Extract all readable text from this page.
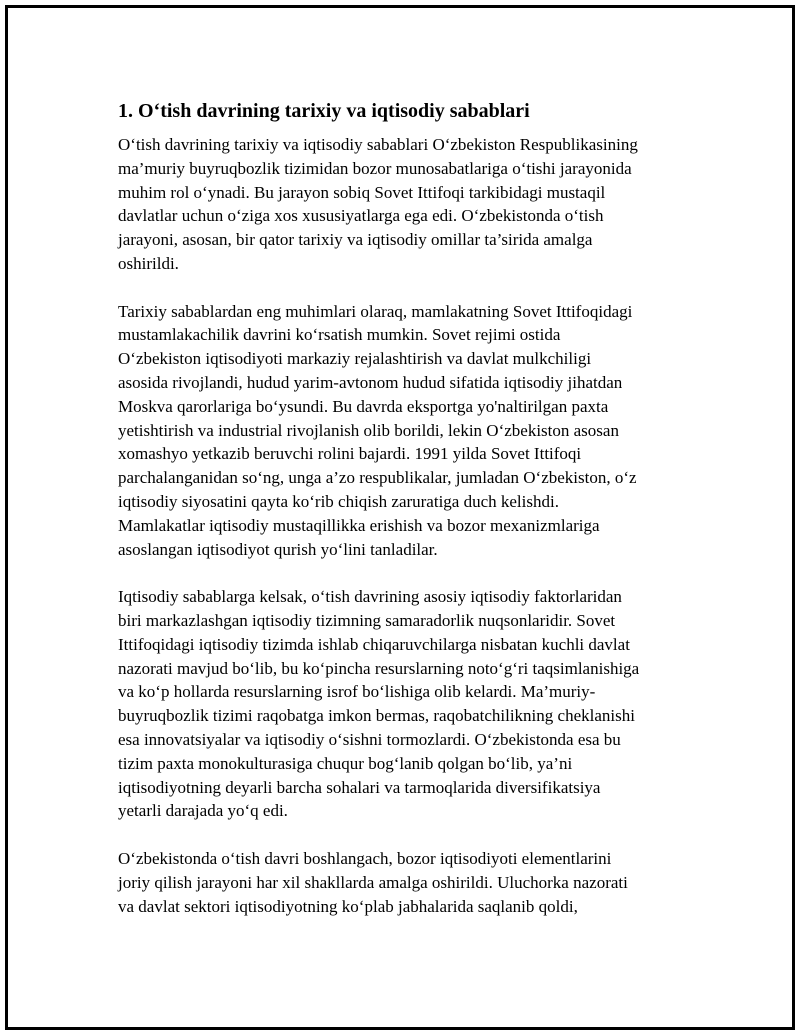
1. O‘tish davrining tarixiy va iqtisodiy sabablari
O‘tish davrining tarixiy va iqtisodiy sabablari O‘zbekiston Respublikasining
ma’muriy buyruqbozlik tizimidan bozor munosabatlariga o‘tishi jarayonida
muhim rol o‘ynadi. Bu jarayon sobiq Sovet Ittifoqi tarkibidagi mustaqil
davlatlar uchun o‘ziga xos xususiyatlarga ega edi. O‘zbekistonda o‘tish
jarayoni, asosan, bir qator tarixiy va iqtisodiy omillar ta’sirida amalga
oshirildi.
Tarixiy sabablardan eng muhimlari olaraq, mamlakatning Sovet Ittifoqidagi
mustamlakachilik davrini ko‘rsatish mumkin. Sovet rejimi ostida
O‘zbekiston iqtisodiyoti markaziy rejalashtirish va davlat mulkchiligi
asosida rivojlandi, hudud yarim-avtonom hudud sifatida iqtisodiy jihatdan
Moskva qarorlariga bo‘ysundi. Bu davrda eksportga yo'naltirilgan paxta
yetishtirish va industrial rivojlanish olib borildi, lekin O‘zbekiston asosan
xomashyo yetkazib beruvchi rolini bajardi. 1991 yilda Sovet Ittifoqi
parchalanganidan so‘ng, unga a’zo respublikalar, jumladan O‘zbekiston, o‘z
iqtisodiy siyosatini qayta ko‘rib chiqish zaruratiga duch kelishdi.
Mamlakatlar iqtisodiy mustaqillikka erishish va bozor mexanizmlariga
asoslangan iqtisodiyot qurish yo‘lini tanladilar.
Iqtisodiy sabablarga kelsak, o‘tish davrining asosiy iqtisodiy faktorlaridan
biri markazlashgan iqtisodiy tizimning samaradorlik nuqsonlaridir. Sovet
Ittifoqidagi iqtisodiy tizimda ishlab chiqaruvchilarga nisbatan kuchli davlat
nazorati mavjud bo‘lib, bu ko‘pincha resurslarning noto‘g‘ri taqsimlanishiga
va ko‘p hollarda resurslarning isrof bo‘lishiga olib kelardi. Ma’muriy-
buyruqbozlik tizimi raqobatga imkon bermas, raqobatchilikning cheklanishi
esa innovatsiyalar va iqtisodiy o‘sishni tormozlardi. O‘zbekistonda esa bu
tizim paxta monokulturasiga chuqur bog‘lanib qolgan bo‘lib, ya’ni
iqtisodiyotning deyarli barcha sohalari va tarmoqlarida diversifikatsiya
yetarli darajada yo‘q edi.
O‘zbekistonda o‘tish davri boshlangach, bozor iqtisodiyoti elementlarini
joriy qilish jarayoni har xil shakllarda amalga oshirildi. Uluchorka nazorati
va davlat sektori iqtisodiyotning ko‘plab jabhalarida saqlanib qoldi,
